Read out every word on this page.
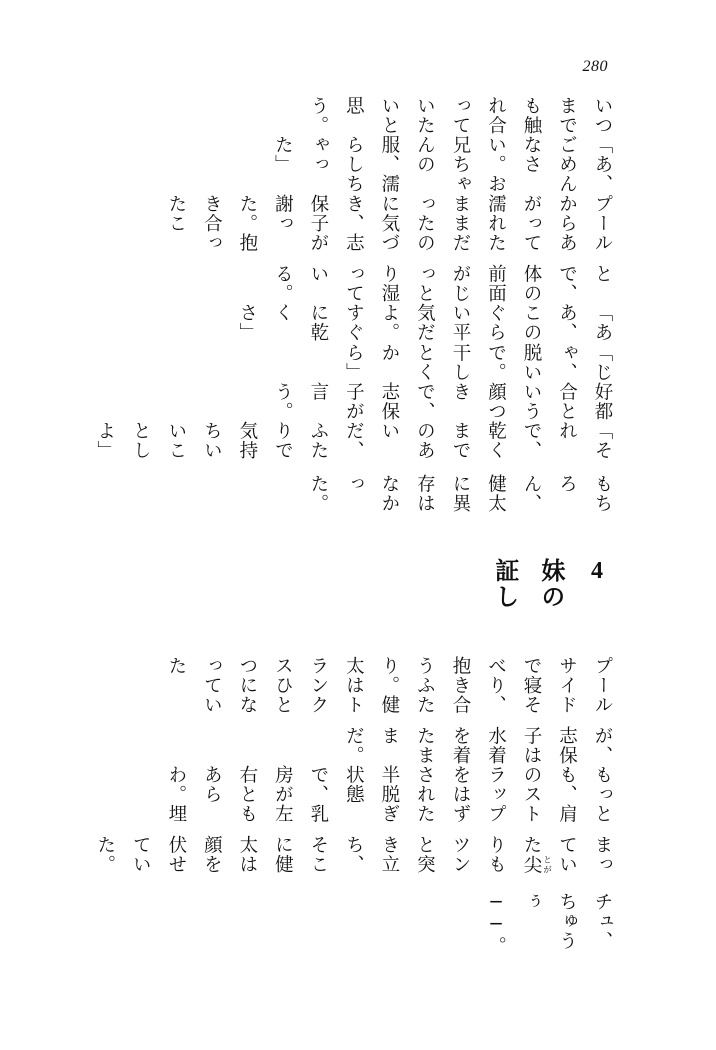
280

いつまでも触れ合っていたいと思う。

「あ、ごめんなさい。お兄ちゃんの服、濡らしちゃった」

プールからあがって濡れたままだったのに気づき、志保子が謝った。抱き合ったこ

とで、体の前面がじっとり湿っている。

「ああ、このぐらい平気だよ。すぐに乾くさ」

「じゃ、脱いで。干しとくから」

好都合という顔つきで、志保子が言う。

「それで、乾くまでのあいだ、ふたりで気持ちいいことしよ」

もちろん、健太に異存はなかった。

4　妹の証し

プールサイドで寝そべり、抱き合うふたり。健太はトランクスひとつになっていた

が、志保子は水着を着たままだ。

もっとも、肩のストラップをはずされた半脱ぎ状態で、乳房が左右ともあらわ。埋

まっていた尖 とがりもツンと突き立ち、そこに健太は顔を伏せていた。

チュ、ちゅうぅ──。
